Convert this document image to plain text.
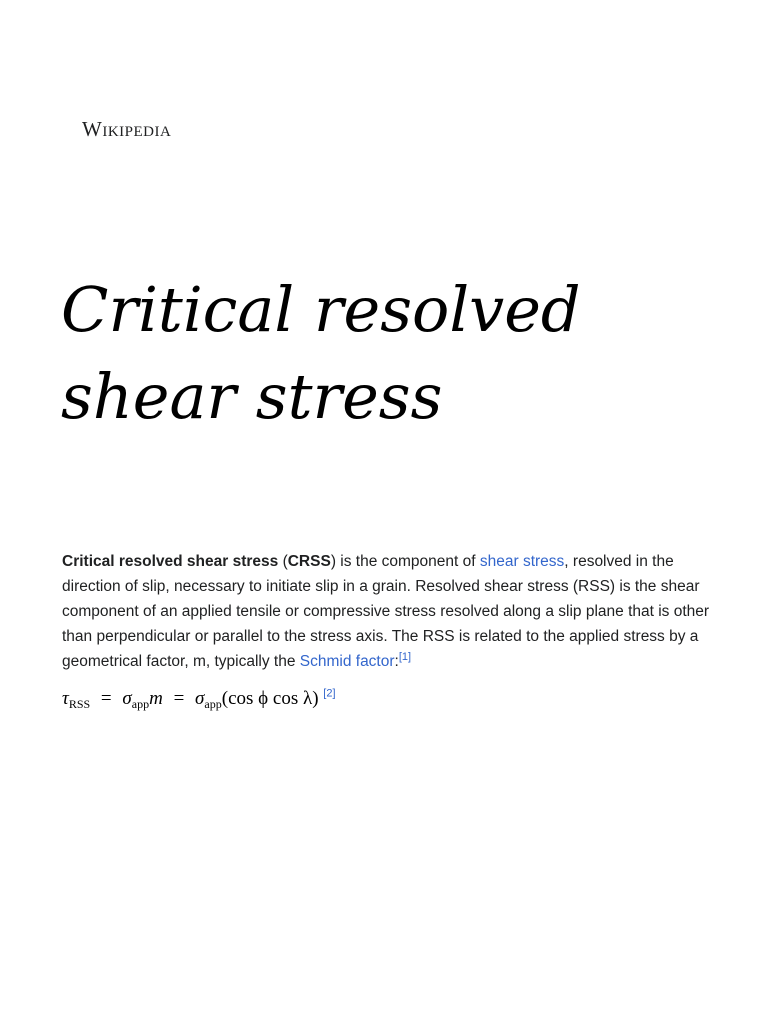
Wikipedia
Critical resolved shear stress

Critical resolved shear stress (CRSS) is the component of shear stress, resolved in the direction of slip, necessary to initiate slip in a grain. Resolved shear stress (RSS) is the shear component of an applied tensile or compressive stress resolved along a slip plane that is other than perpendicular or parallel to the stress axis. The RSS is related to the applied stress by a geometrical factor, m, typically the Schmid factor:[1]

$\tau_{RSS} = \sigma_{app}m = \sigma_{app}(\cos$ ϕ cos λ) [2]
